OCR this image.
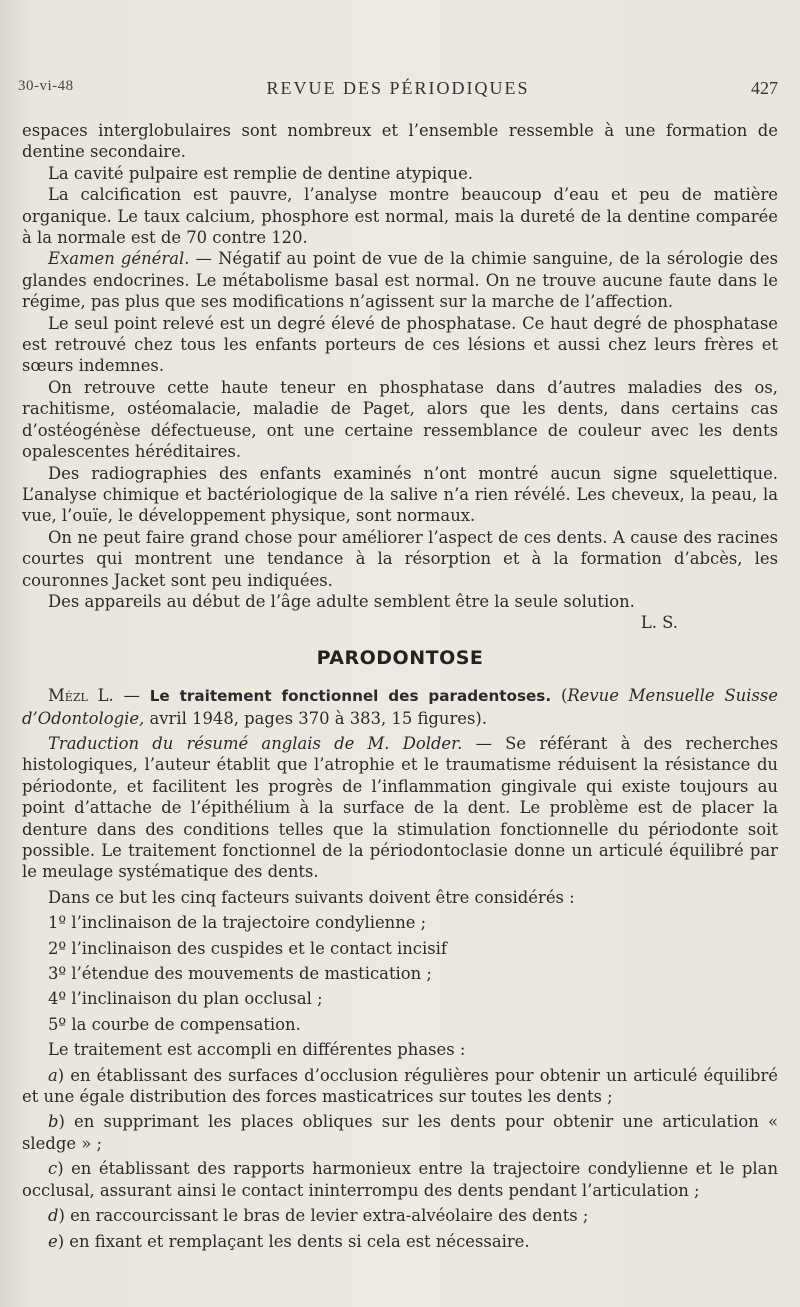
30-vi-48	REVUE DES PÉRIODIQUES	427

espaces interglobulaires sont nombreux et l’ensemble ressemble à une formation de dentine secondaire.

La cavité pulpaire est remplie de dentine atypique.

La calcification est pauvre, l’analyse montre beaucoup d’eau et peu de matière organique. Le taux calcium, phosphore est normal, mais la dureté de la dentine comparée à la normale est de 70 contre 120.

Examen général. — Négatif au point de vue de la chimie sanguine, de la sérologie des glandes endocrines. Le métabolisme basal est normal. On ne trouve aucune faute dans le régime, pas plus que ses modifications n’agissent sur la marche de l’affection.

Le seul point relevé est un degré élevé de phosphatase. Ce haut degré de phosphatase est retrouvé chez tous les enfants porteurs de ces lésions et aussi chez leurs frères et sœurs indemnes.

On retrouve cette haute teneur en phosphatase dans d’autres maladies des os, rachitisme, ostéomalacie, maladie de Paget, alors que les dents, dans certains cas d’ostéogénèse défectueuse, ont une certaine ressemblance de couleur avec les dents opalescentes héréditaires.

Des radiographies des enfants examinés n’ont montré aucun signe squelettique. L’analyse chimique et bactériologique de la salive n’a rien révélé. Les cheveux, la peau, la vue, l’ouïe, le développement physique, sont normaux.

On ne peut faire grand chose pour améliorer l’aspect de ces dents. A cause des racines courtes qui montrent une tendance à la résorption et à la formation d’abcès, les couronnes Jacket sont peu indiquées.

Des appareils au début de l’âge adulte semblent être la seule solution.

L. S.

PARODONTOSE

Mézl L. — Le traitement fonctionnel des paradentoses. (Revue Mensuelle Suisse d’Odontologie, avril 1948, pages 370 à 383, 15 figures).

Traduction du résumé anglais de M. Dolder. — Se référant à des recherches histologiques, l’auteur établit que l’atrophie et le traumatisme réduisent la résistance du périodonte, et facilitent les progrès de l’inflammation gingivale qui existe toujours au point d’attache de l’épithélium à la surface de la dent. Le problème est de placer la denture dans des conditions telles que la stimulation fonctionnelle du périodonte soit possible. Le traitement fonctionnel de la périodontoclasie donne un articulé équilibré par le meulage systématique des dents.

Dans ce but les cinq facteurs suivants doivent être considérés :

1º l’inclinaison de la trajectoire condylienne ;

2º l’inclinaison des cuspides et le contact incisif

3º l’étendue des mouvements de mastication ;

4º l’inclinaison du plan occlusal ;

5º la courbe de compensation.

Le traitement est accompli en différentes phases :

a) en établissant des surfaces d’occlusion régulières pour obtenir un articulé équilibré et une égale distribution des forces masticatrices sur toutes les dents ;

b) en supprimant les places obliques sur les dents pour obtenir une articulation « sledge » ;

c) en établissant des rapports harmonieux entre la trajectoire condylienne et le plan occlusal, assurant ainsi le contact ininterrompu des dents pendant l’articulation ;

d) en raccourcissant le bras de levier extra-alvéolaire des dents ;

e) en fixant et remplaçant les dents si cela est nécessaire.
